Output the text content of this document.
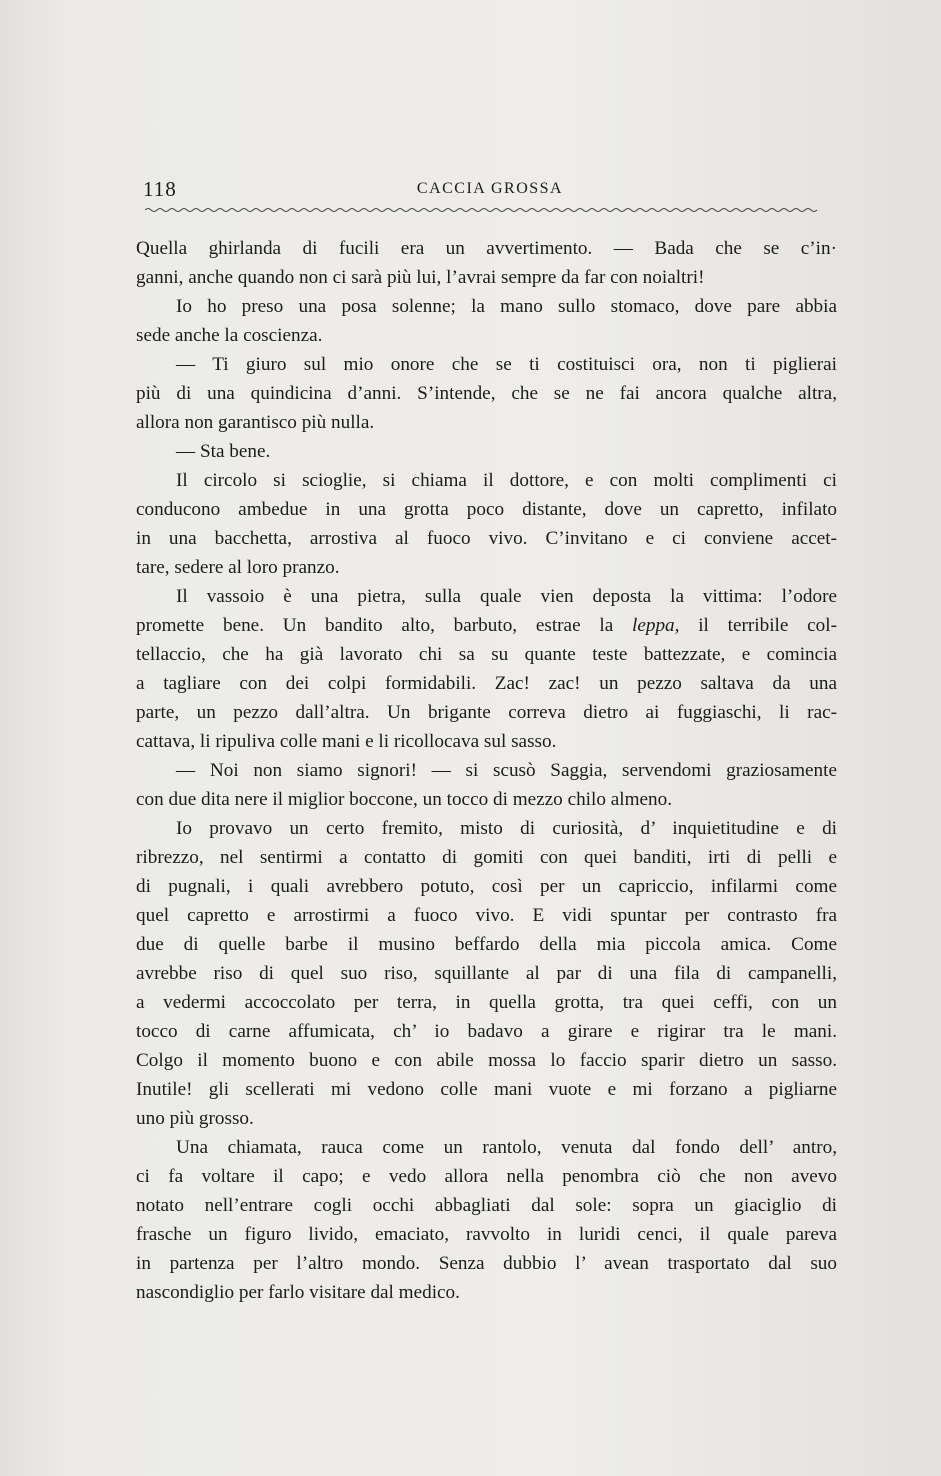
118	CACCIA GROSSA
Quella ghirlanda di fucili era un avvertimento. — Bada che se c’in·
ganni, anche quando non ci sarà più lui, l’avrai sempre da far con noialtri!
Io ho preso una posa solenne; la mano sullo stomaco, dove pare abbia
sede anche la coscienza.
— Ti giuro sul mio onore che se ti costituisci ora, non ti piglierai
più di una quindicina d’anni. S’intende, che se ne fai ancora qualche altra,
allora non garantisco più nulla.
— Sta bene.
Il circolo si scioglie, si chiama il dottore, e con molti complimenti ci
conducono ambedue in una grotta poco distante, dove un capretto, infilato
in una bacchetta, arrostiva al fuoco vivo. C’invitano e ci conviene accet-
tare, sedere al loro pranzo.
Il vassoio è una pietra, sulla quale vien deposta la vittima: l’odore
promette bene. Un bandito alto, barbuto, estrae la leppa, il terribile col-
tellaccio, che ha già lavorato chi sa su quante teste battezzate, e comincia
a tagliare con dei colpi formidabili. Zac! zac! un pezzo saltava da una
parte, un pezzo dall’altra. Un brigante correva dietro ai fuggiaschi, li rac-
cattava, li ripuliva colle mani e li ricollocava sul sasso.
— Noi non siamo signori! — si scusò Saggia, servendomi graziosamente
con due dita nere il miglior boccone, un tocco di mezzo chilo almeno.
Io provavo un certo fremito, misto di curiosità, d’ inquietitudine e di
ribrezzo, nel sentirmi a contatto di gomiti con quei banditi, irti di pelli e
di pugnali, i quali avrebbero potuto, così per un capriccio, infilarmi come
quel capretto e arrostirmi a fuoco vivo. E vidi spuntar per contrasto fra
due di quelle barbe il musino beffardo della mia piccola amica. Come
avrebbe riso di quel suo riso, squillante al par di una fila di campanelli,
a vedermi accoccolato per terra, in quella grotta, tra quei ceffi, con un
tocco di carne affumicata, ch’ io badavo a girare e rigirar tra le mani.
Colgo il momento buono e con abile mossa lo faccio sparir dietro un sasso.
Inutile! gli scellerati mi vedono colle mani vuote e mi forzano a pigliarne
uno più grosso.
Una chiamata, rauca come un rantolo, venuta dal fondo dell’ antro,
ci fa voltare il capo; e vedo allora nella penombra ciò che non avevo
notato nell’entrare cogli occhi abbagliati dal sole: sopra un giaciglio di
frasche un figuro livido, emaciato, ravvolto in luridi cenci, il quale pareva
in partenza per l’altro mondo. Senza dubbio l’ avean trasportato dal suo
nascondiglio per farlo visitare dal medico.
